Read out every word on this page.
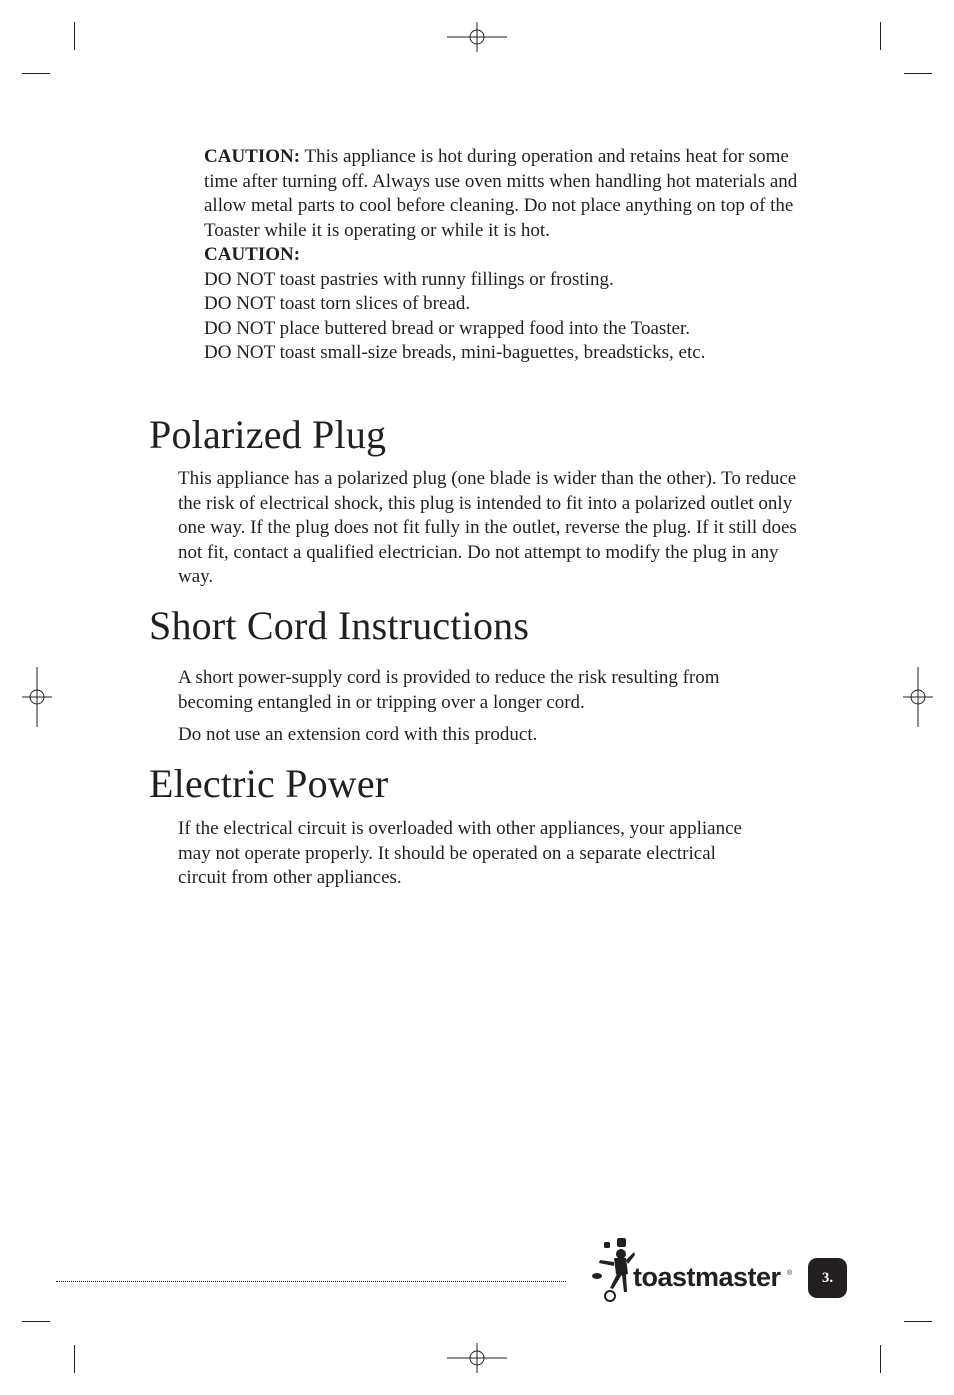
CAUTION: This appliance is hot during operation and retains heat for some time after turning off. Always use oven mitts when handling hot materials and allow metal parts to cool before cleaning. Do not place anything on top of the Toaster while it is operating or while it is hot.

CAUTION:

DO NOT toast pastries with runny fillings or frosting.

DO NOT toast torn slices of bread.

DO NOT place buttered bread or wrapped food into the Toaster.

DO NOT toast small-size breads, mini-baguettes, breadsticks, etc.

Polarized Plug

This appliance has a polarized plug (one blade is wider than the other). To reduce the risk of electrical shock, this plug is intended to fit into a polarized outlet only one way. If the plug does not fit fully in the outlet, reverse the plug. If it still does not fit, contact a qualified electrician. Do not attempt to modify the plug in any way.

Short Cord Instructions

A short power-supply cord is provided to reduce the risk resulting from becoming entangled in or tripping over a longer cord.

Do not use an extension cord with this product.

Electric Power

If the electrical circuit is overloaded with other appliances, your appliance may not operate properly. It should be operated on a separate electrical circuit from other appliances.

toastmaster ® 3.
